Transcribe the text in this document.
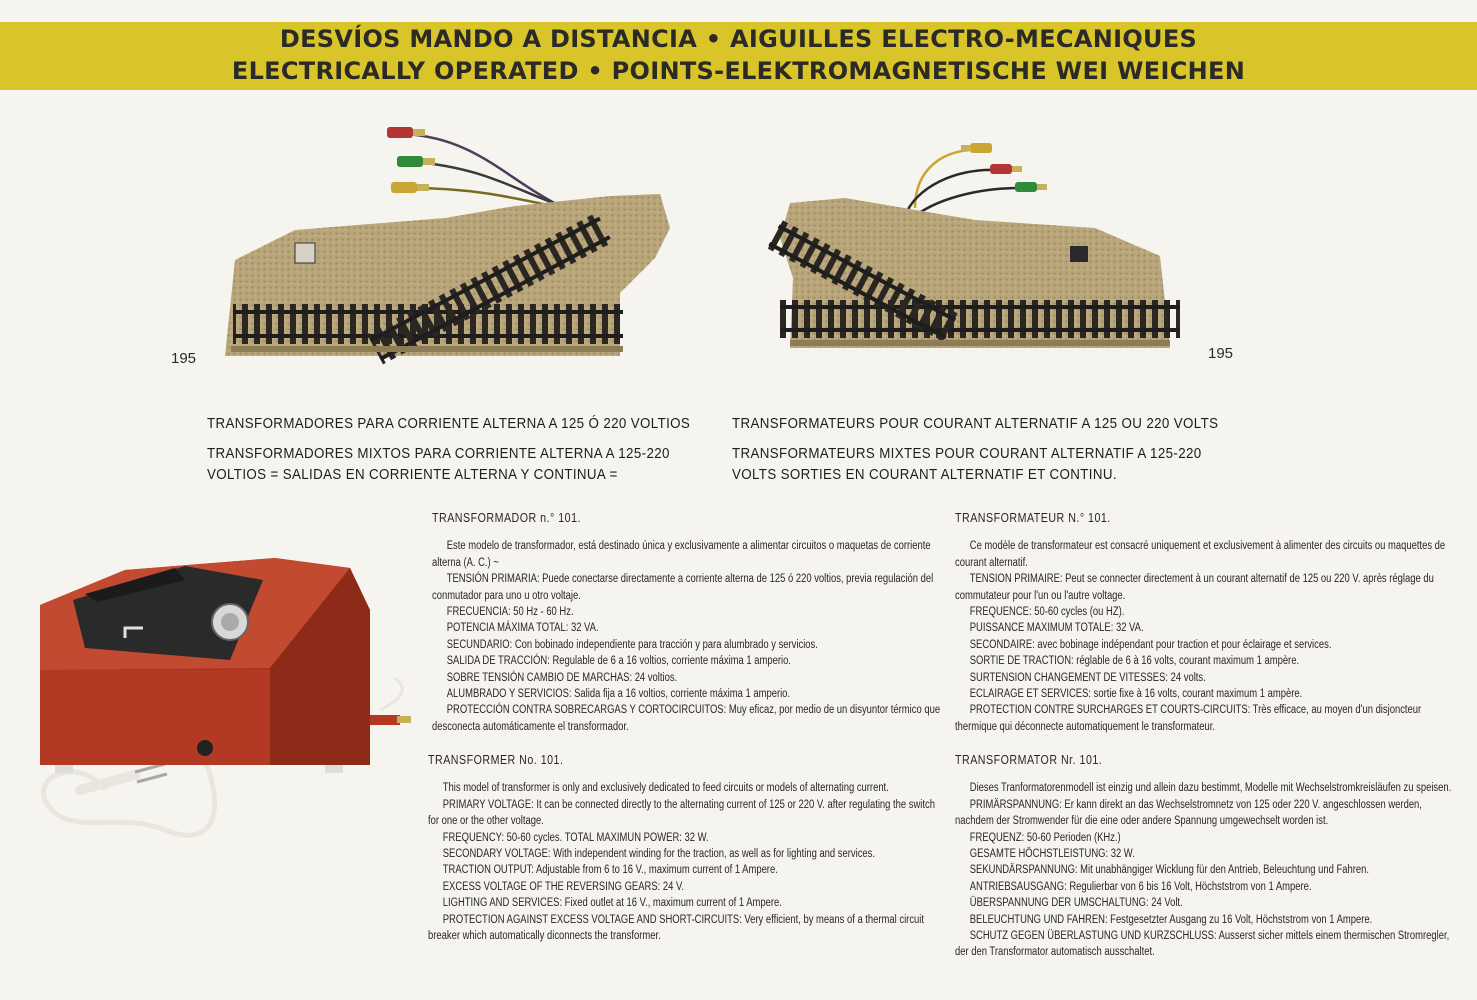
DESVÍOS MANDO A DISTANCIA • AIGUILLES ELECTRO-MECANIQUES
ELECTRICALLY OPERATED • POINTS-ELEKTROMAGNETISCHE WEI WEICHEN
195	195

TRANSFORMADORES PARA CORRIENTE ALTERNA A 125 Ó 220 VOLTIOS

TRANSFORMADORES MIXTOS PARA CORRIENTE ALTERNA A 125-220 VOLTIOS = SALIDAS EN CORRIENTE ALTERNA Y CONTINUA =

TRANSFORMATEURS POUR COURANT ALTERNATIF A 125 OU 220 VOLTS

TRANSFORMATEURS MIXTES POUR COURANT ALTERNATIF A 125-220 VOLTS SORTIES EN COURANT ALTERNATIF ET CONTINU.

TRANSFORMADOR n.° 101.

Este modelo de transformador, está destinado única y exclusivamente a alimentar circuitos o maquetas de corriente alterna (A. C.) ~

TENSIÓN PRIMARIA: Puede conectarse directamente a corriente alterna de 125 ó 220 voltios, previa regulación del conmutador para uno u otro voltaje.

FRECUENCIA: 50 Hz - 60 Hz.

POTENCIA MÁXIMA TOTAL: 32 VA.

SECUNDARIO: Con bobinado independiente para tracción y para alumbrado y servicios.

SALIDA DE TRACCIÓN: Regulable de 6 a 16 voltios, corriente máxima 1 amperio.

SOBRE TENSIÓN CAMBIO DE MARCHAS: 24 voltios.

ALUMBRADO Y SERVICIOS: Salida fija a 16 voltios, corriente máxima 1 amperio.

PROTECCIÓN CONTRA SOBRECARGAS Y CORTOCIRCUITOS: Muy eficaz, por medio de un disyuntor térmico que desconecta automáticamente el transformador.

TRANSFORMER No. 101.

This model of transformer is only and exclusively dedicated to feed circuits or models of alternating current.

PRIMARY VOLTAGE: It can be connected directly to the alternating current of 125 or 220 V. after regulating the switch for one or the other voltage.

FREQUENCY: 50-60 cycles. TOTAL MAXIMUN POWER: 32 W.

SECONDARY VOLTAGE: With independent winding for the traction, as well as for lighting and services.

TRACTION OUTPUT: Adjustable from 6 to 16 V., maximum current of 1 Ampere.

EXCESS VOLTAGE OF THE REVERSING GEARS: 24 V.

LIGHTING AND SERVICES: Fixed outlet at 16 V., maximum current of 1 Ampere.

PROTECTION AGAINST EXCESS VOLTAGE AND SHORT-CIRCUITS: Very efficient, by means of a thermal circuit breaker which automatically diconnects the transformer.

TRANSFORMATEUR N.° 101.

Ce modèle de transformateur est consacré uniquement et exclusivement à alimenter des circuits ou maquettes de courant alternatif.

TENSION PRIMAIRE: Peut se connecter directement à un courant alternatif de 125 ou 220 V. après réglage du commutateur pour l'un ou l'autre voltage.

FREQUENCE: 50-60 cycles (ou HZ).

PUISSANCE MAXIMUM TOTALE: 32 VA.

SECONDAIRE: avec bobinage indépendant pour traction et pour éclairage et services.

SORTIE DE TRACTION: réglable de 6 à 16 volts, courant maximum 1 ampère.

SURTENSION CHANGEMENT DE VITESSES: 24 volts.

ECLAIRAGE ET SERVICES: sortie fixe à 16 volts, courant maximum 1 ampère.

PROTECTION CONTRE SURCHARGES ET COURTS-CIRCUITS: Très efficace, au moyen d'un disjoncteur thermique qui déconnecte automatiquement le transformateur.

TRANSFORMATOR Nr. 101.

Dieses Tranformatorenmodell ist einzig und allein dazu bestimmt, Modelle mit Wechselstromkreisläufen zu speisen.

PRIMÄRSPANNUNG: Er kann direkt an das Wechselstromnetz von 125 oder 220 V. angeschlossen werden, nachdem der Stromwender für die eine oder andere Spannung umgewechselt worden ist.

FREQUENZ: 50-60 Perioden (KHz.)

GESAMTE HÖCHSTLEISTUNG: 32 W.

SEKUNDÄRSPANNUNG: Mit unabhängiger Wicklung für den Antrieb, Beleuchtung und Fahren.

ANTRIEBSAUSGANG: Regulierbar von 6 bis 16 Volt, Höchststrom von 1 Ampere.

ÜBERSPANNUNG DER UMSCHALTUNG: 24 Volt.

BELEUCHTUNG UND FAHREN: Festgesetzter Ausgang zu 16 Volt, Höchststrom von 1 Ampere.

SCHUTZ GEGEN ÜBERLASTUNG UND KURZSCHLUSS: Ausserst sicher mittels einem thermischen Stromregler, der den Transformator automatisch ausschaltet.
